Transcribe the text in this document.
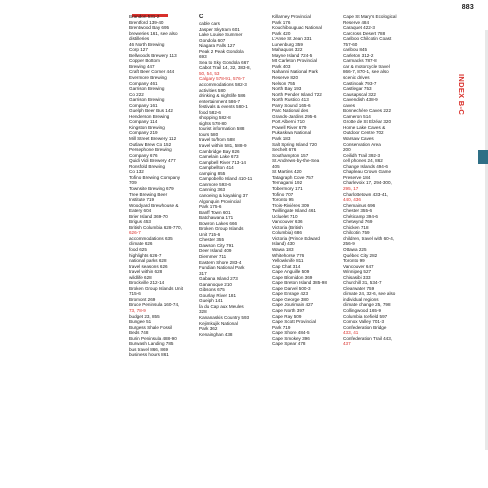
883
Brandon 531-2
Brentford 139-40
Brentwood Bay 695
breweries 161, see also
distilleries
46 North Brewing
Corp 127
Bellwoods Brewery 113
Copper Bottom
Brewing 447
Craft Beer Corner 444
Evermore Brewing
Company 461
Garrison Brewing
Co 222
Garrison Brewing
Company 161
Guelph Beer Bus 142
Henderson Brewing
Company 114
Kingston Brewing
Company 219
Mill Street Brewery 112
Outlaw Brew Co 152
Persephone Brewing
Company 676
Quidi Vidi Brewery 477
Ronsfold Brewing
Co 132
Tofino Brewing Company
709
Townsite Brewing 679
Tree Brewing Beer
Institute 719
Woodyard Brewhouse &
Eatery 604
Brier Island 369-70
Brigus 453
British Columbia 628-770,
626-7
accommodations 635
climate 626
food 625
highlights 626-7
national parks 628
travel seasons 626
travel within 628
wildlife 628
Brockville 212-14
Broken Group Islands Unit
715-6
Bromont 269
Bruce Peninsula 160-74,
73, 78-9
budget 23, 855
Bungee 51
Burgess Shale Fossil
Beds 748
Burin Peninsula 488-90
Burwash Landing 785
bus travel 866, 869
business hours 861
C
cable cars
Jasper Skytram 601
Lake Louise Summer
Gondola 607
Niagara Falls 127
Peak 2 Peak Gondola
693
Sea to Sky Gondola 667
Cabot Trail 14, 32, 383-8,
50, 54, 53
Calgary 578-91, 576-7
accommodations 582-3
activities 580
drinking & nightlife 586
entertainment 586-7
festivals & events 580-1
food 582-6
shopping 582-8
sights 578-80
tourist information 588
tours 580
travel to/from 588
travel within 581, 588-9
Cambridge Bay 826
Camelain Lake 673
Campbell River 713-14
Campbellton 414
camping 855
Campobello Island 410-11
Canmore 593-6
Canning 363
canoeing & kayaking 37
Algonquin Provincial
Park 175-6
Banff Town 601
Batchawana 171
Bowron Lakes 666
Broken Group Islands
Unit 715-6
Chester 355
Dawson City 791
Deer Island 409
Diemmer 711
Eastern Shore 283-4
Fundian National Park
317
Gabana Island 273
Gananoque 210
Gibsons 675
Gourlay River 181
Gueiph 141
Îa du Cap aux Meules
328
Kananaskis Country 593
Kejimkujik National
Park 362
Kenainghan 438
Killarney Provincial
Park 176
Kouchibouguac National
Park 420
L'Anse St Jean 331
Lunenburg 359
Mahaquos 322
Mayne Island 724-5
Mt Carleton Provincial
Park 403
Nahanni National Park
Reserve 820
Nelson 755
North Bay 193
North Pender Island 722
North Rustico 413
Parry Sound 165-6
Parc National des
Grands-Jardins 295-6
Port Alberni 710
Powell River 679
Pukaskwa National
Park 183
Salt Spring Island 720
Sechelt 676
Southampton 157
St Andrews-by-the-Sea
405
St Martins 420
Tatagraph Cove 757
Temagami 192
Tobermory 171
Tofino 707
Toronto 95
Trois-Rivières 309
Twillingate Island 461
Ucluelet 710
Vancouver 636
Victoria (British
Columbia) 686
Victoria (Prince Edward
Island) 430
Wawa 183
Whitehorse 776
Yellowknife 811
Cap Chat 314
Cape Anguille 509
Cape Blomidon 369
Cape Breton Island 385-98
Cape Darvel 500-3
Cape Enrage 423
Cape George 380
Cape Jourimain 427
Cape North 397
Cape Ray 509
Cape Scott Provincial
Park 719
Cape Shore 484-5
Cape Smokey 396
Cape Spear 478
Cape St Mary's Ecological
Reserve 484
Caraquet 422-3
Carcross Desert 788
Cariboo Chilcotin Coast
757-60
caribou 845
Carleton 312-2
Carmacks 787-8
car & motorcycle travel
866-7, 870-1, see also
scenic drives
Castinoak 793-7
Castlegar 753
Causapscal 322
Cavendish 438-9
caves
Bonnechère Caves 222
Cameron 514
Grotte de St Elzéar 320
Home Lake Caves &
Outdoor Centre 702
Warsaw Caves
Conservation Area
200
Ceilidh Trail 392-3
cell phones 24, 862
Change Islands 494-6
Chapleau Crown Game
Preserve 184
Charlevoix 17, 294-300,
295, 17
Charlottetown 433-41,
440, 436
Chemainus 696
Chester 355-6
Chéticamp 394-6
Chetwynd 769
Chicken 718
Chilcotin 759
children, travel with 60-4,
256-9
Ottawa 225
Québec City 282
Toronto 99
Vancouver 647
Winnipeg 527
Chisasibi 333
Churchill 31, 534-7
Clearwater 759
climate 24, 32-6, see also
individual regions
climate change 25, 798
Collingwood 165-9
Columbia Icefield 597
Comox Valley 701-3
Confederation Bridge
433, 41
Confederation Trail 443,
437
INDEX B-C
